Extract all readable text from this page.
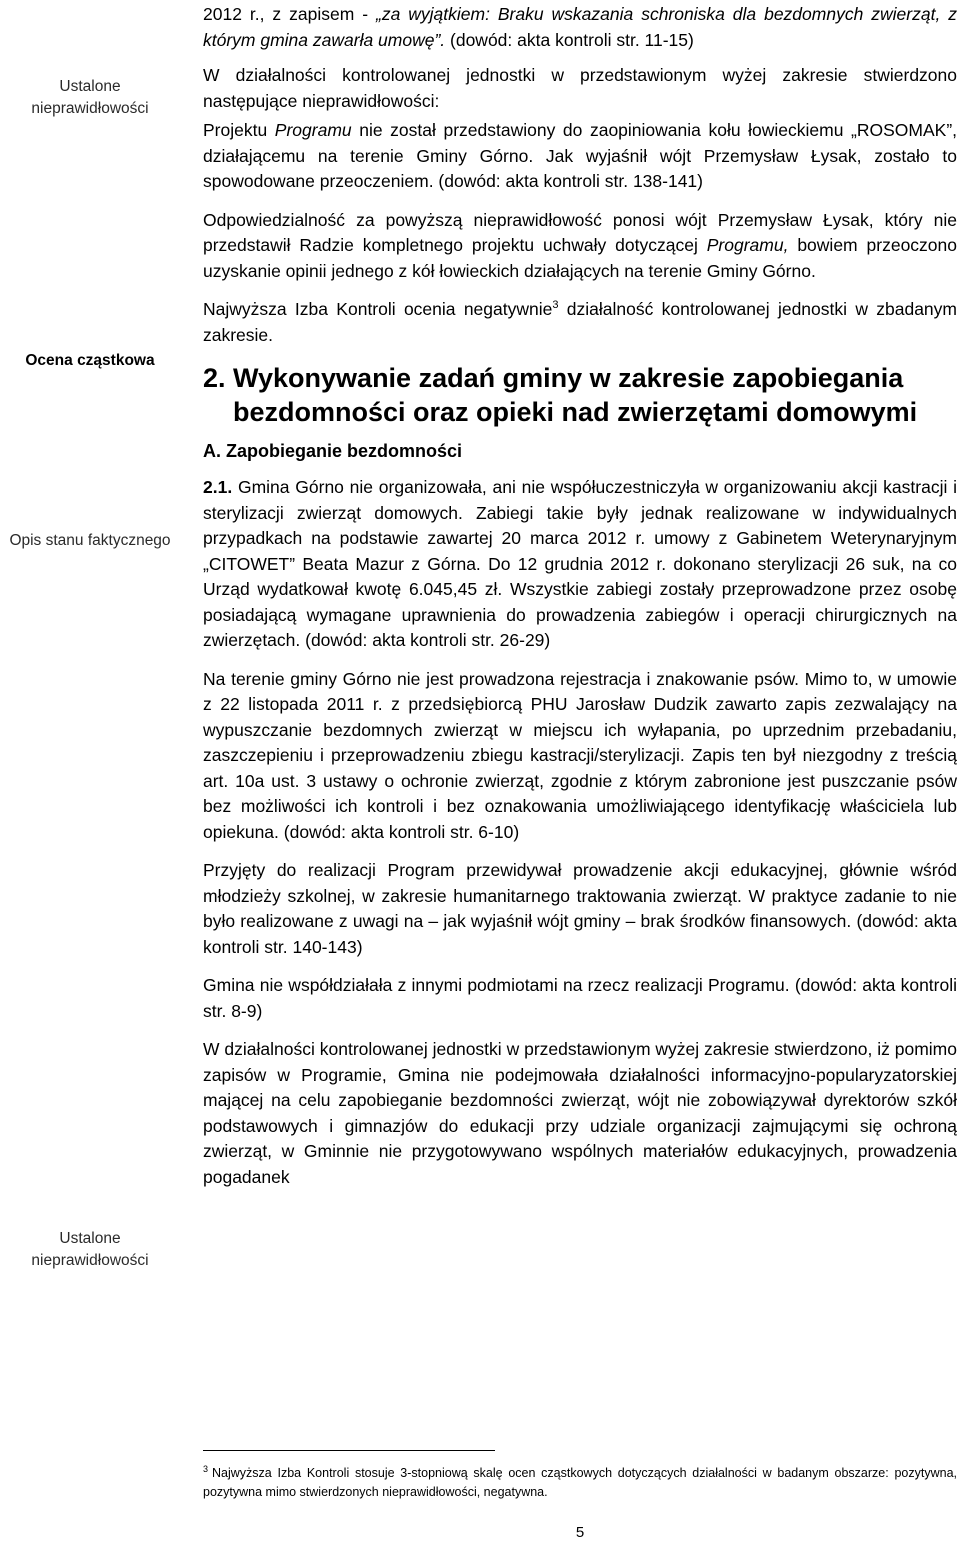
Ustalone nieprawidłowości
Ocena cząstkowa
Opis stanu faktycznego
Ustalone nieprawidłowości

2012 r., z zapisem - „za wyjątkiem: Braku wskazania schroniska dla bezdomnych zwierząt, z którym gmina zawarła umowę”. (dowód: akta kontroli str. 11-15)

W działalności kontrolowanej jednostki w przedstawionym wyżej zakresie stwierdzono następujące nieprawidłowości:

Projektu Programu nie został przedstawiony do zaopiniowania kołu łowieckiemu „ROSOMAK”, działającemu na terenie Gminy Górno. Jak wyjaśnił wójt Przemysław Łysak, zostało to spowodowane przeoczeniem. (dowód: akta kontroli str. 138-141)

Odpowiedzialność za powyższą nieprawidłowość ponosi wójt Przemysław Łysak, który nie przedstawił Radzie kompletnego projektu uchwały dotyczącej Programu, bowiem przeoczono uzyskanie opinii jednego z kół łowieckich działających na terenie Gminy Górno.

Najwyższa Izba Kontroli ocenia negatywnie$^3$ działalność kontrolowanej jednostki w zbadanym zakresie.

2. Wykonywanie zadań gminy w zakresie zapobiegania bezdomności oraz opieki nad zwierzętami domowymi
A. Zapobieganie bezdomności

2.1. Gmina Górno nie organizowała, ani nie współuczestniczyła w organizowaniu akcji kastracji i sterylizacji zwierząt domowych. Zabiegi takie były jednak realizowane w indywidualnych przypadkach na podstawie zawartej 20 marca 2012 r. umowy z Gabinetem Weterynaryjnym „CITOWET” Beata Mazur z Górna. Do 12 grudnia 2012 r. dokonano sterylizacji 26 suk, na co Urząd wydatkował kwotę 6.045,45 zł. Wszystkie zabiegi zostały przeprowadzone przez osobę posiadającą wymagane uprawnienia do prowadzenia zabiegów i operacji chirurgicznych na zwierzętach. (dowód: akta kontroli str. 26-29)

Na terenie gminy Górno nie jest prowadzona rejestracja i znakowanie psów. Mimo to, w umowie z 22 listopada 2011 r. z przedsiębiorcą PHU Jarosław Dudzik zawarto zapis zezwalający na wypuszczanie bezdomnych zwierząt w miejscu ich wyłapania, po uprzednim przebadaniu, zaszczepieniu i przeprowadzeniu zbiegu kastracji/sterylizacji. Zapis ten był niezgodny z treścią art. 10a ust. 3 ustawy o ochronie zwierząt, zgodnie z którym zabronione jest puszczanie psów bez możliwości ich kontroli i bez oznakowania umożliwiającego identyfikację właściciela lub opiekuna. (dowód: akta kontroli str. 6-10)

Przyjęty do realizacji Program przewidywał prowadzenie akcji edukacyjnej, głównie wśród młodzieży szkolnej, w zakresie humanitarnego traktowania zwierząt. W praktyce zadanie to nie było realizowane z uwagi na – jak wyjaśnił wójt gminy – brak środków finansowych. (dowód: akta kontroli str. 140-143)

Gmina nie współdziałała z innymi podmiotami na rzecz realizacji Programu. (dowód: akta kontroli str. 8-9)

W działalności kontrolowanej jednostki w przedstawionym wyżej zakresie stwierdzono, iż pomimo zapisów w Programie, Gmina nie podejmowała działalności informacyjno-popularyzatorskiej mającej na celu zapobieganie bezdomności zwierząt, wójt nie zobowiązywał dyrektorów szkół podstawowych i gimnazjów do edukacji przy udziale organizacji zajmującymi się ochroną zwierząt, w Gminnie nie przygotowywano wspólnych materiałów edukacyjnych, prowadzenia pogadanek

$^3$ Najwyższa Izba Kontroli stosuje 3-stopniową skalę ocen cząstkowych dotyczących działalności w badanym obszarze: pozytywna, pozytywna mimo stwierdzonych nieprawidłowości, negatywna.
5
